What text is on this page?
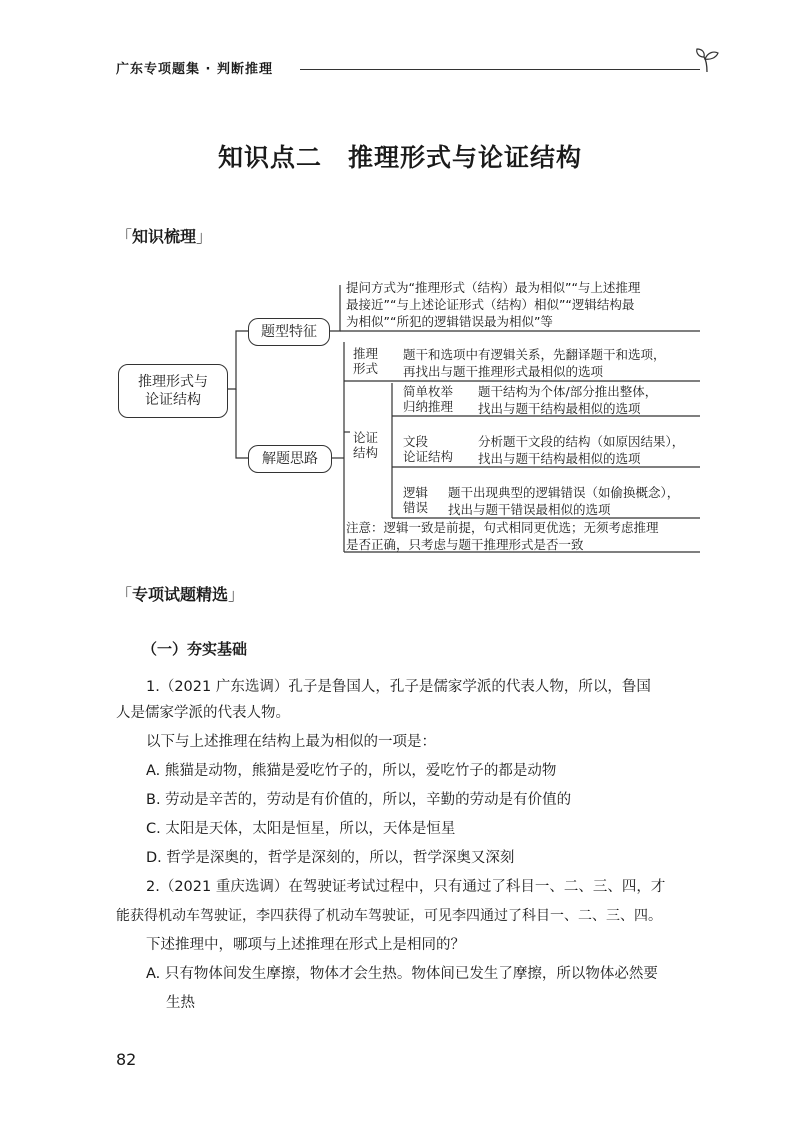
广东专项题集 · 判断推理
知识点二　推理形式与论证结构
「知识梳理」
推理形式与
论证结构
题型特征
解题思路
提问方式为“推理形式（结构）最为相似”“与上述推理
最接近”“与上述论证形式（结构）相似”“逻辑结构最
为相似”“所犯的逻辑错误最为相似”等
推理
形式
题干和选项中有逻辑关系，先翻译题干和选项，
再找出与题干推理形式最相似的选项
论证
结构
简单枚举
归纳推理
题干结构为个体/部分推出整体，
找出与题干结构最相似的选项
文段
论证结构
分析题干文段的结构（如原因结果），
找出与题干结构最相似的选项
逻辑
错误
题干出现典型的逻辑错误（如偷换概念），
找出与题干错误最相似的选项
注意：逻辑一致是前提，句式相同更优选；无须考虑推理
是否正确，只考虑与题干推理形式是否一致
「专项试题精选」
（一）夯实基础
1.（2021 广东选调）孔子是鲁国人，孔子是儒家学派的代表人物，所以，鲁国
人是儒家学派的代表人物。
以下与上述推理在结构上最为相似的一项是：
A. 熊猫是动物，熊猫是爱吃竹子的，所以，爱吃竹子的都是动物
B. 劳动是辛苦的，劳动是有价值的，所以，辛勤的劳动是有价值的
C. 太阳是天体，太阳是恒星，所以，天体是恒星
D. 哲学是深奥的，哲学是深刻的，所以，哲学深奥又深刻
2.（2021 重庆选调）在驾驶证考试过程中，只有通过了科目一、二、三、四，才
能获得机动车驾驶证，李四获得了机动车驾驶证，可见李四通过了科目一、二、三、四。
下述推理中，哪项与上述推理在形式上是相同的？
A. 只有物体间发生摩擦，物体才会生热。物体间已发生了摩擦，所以物体必然要
生热
82
